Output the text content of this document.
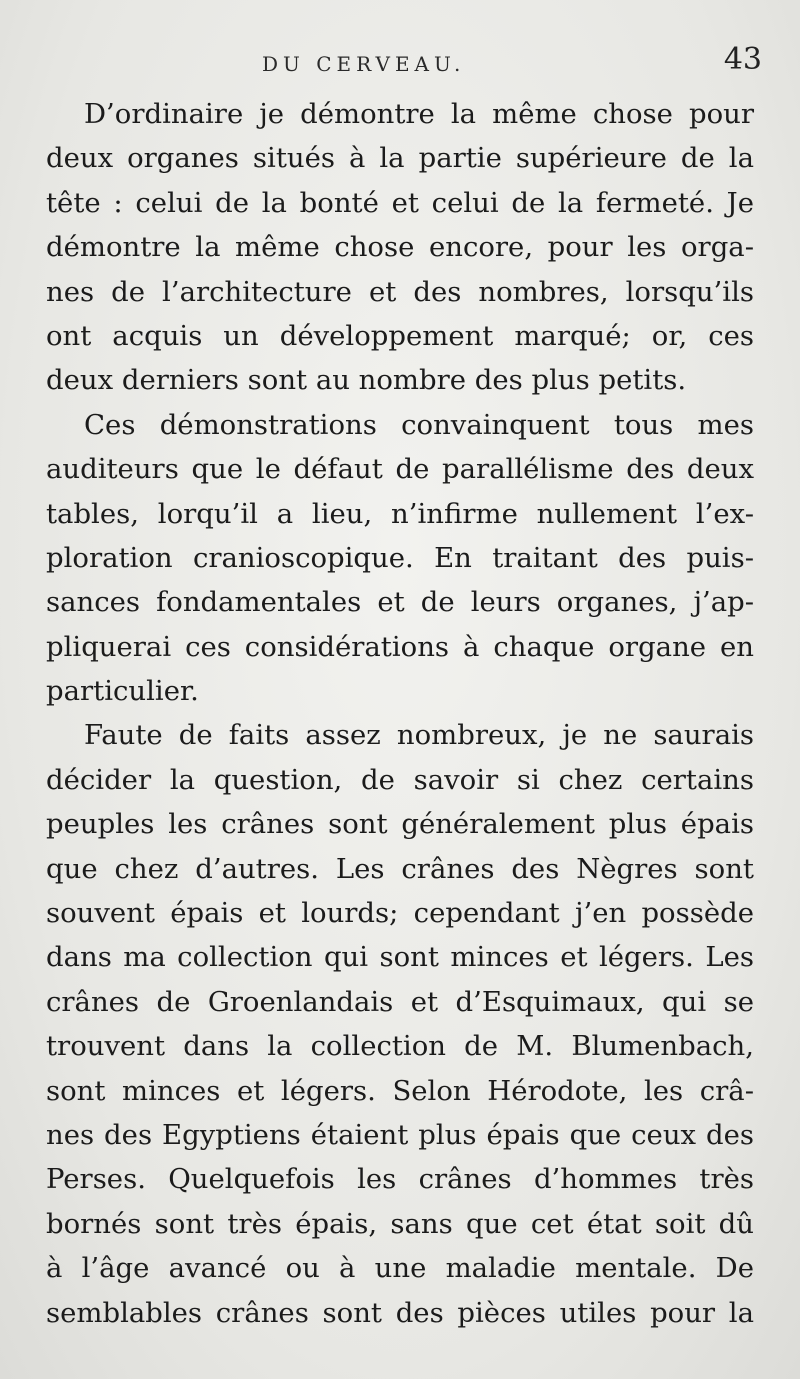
DU CERVEAU.	43
D’ordinaire je démontre la même chose pour
deux organes situés à la partie supérieure de la
tête : celui de la bonté et celui de la fermeté. Je
démontre la même chose encore, pour les orga-
nes de l’architecture et des nombres, lorsqu’ils
ont acquis un développement marqué; or, ces
deux derniers sont au nombre des plus petits.
Ces démonstrations convainquent tous mes
auditeurs que le défaut de parallélisme des deux
tables, lorqu’il a lieu, n’infirme nullement l’ex-
ploration cranioscopique. En traitant des puis-
sances fondamentales et de leurs organes, j’ap-
pliquerai ces considérations à chaque organe en
particulier.
Faute de faits assez nombreux, je ne saurais
décider la question, de savoir si chez certains
peuples les crânes sont généralement plus épais
que chez d’autres. Les crânes des Nègres sont
souvent épais et lourds; cependant j’en possède
dans ma collection qui sont minces et légers. Les
crânes de Groenlandais et d’Esquimaux, qui se
trouvent dans la collection de M. Blumenbach,
sont minces et légers. Selon Hérodote, les crâ-
nes des Egyptiens étaient plus épais que ceux des
Perses. Quelquefois les crânes d’hommes très
bornés sont très épais, sans que cet état soit dû
à l’âge avancé ou à une maladie mentale. De
semblables crânes sont des pièces utiles pour la
